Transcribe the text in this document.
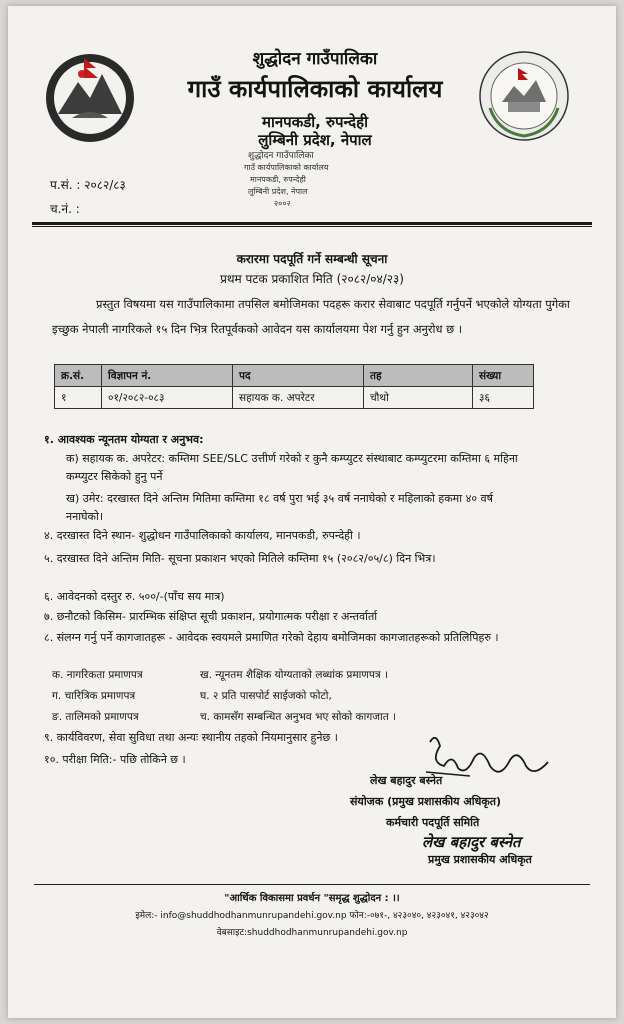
शुद्धोदन गाउँपालिका
गाउँ कार्यपालिकाको कार्यालय
मानपकडी, रुपन्देही
लुम्बिनी प्रदेश, नेपाल
शुद्धोदन गाउँपालिका
गाउँ कार्यपालिकाको कार्यालय
मानपकडी, रुपन्देही
लुम्बिनी प्रदेश, नेपाल
२००२
प.सं. : २०८२/८३
च.नं. :
करारमा पदपूर्ति गर्ने सम्बन्धी सूचना
प्रथम पटक प्रकाशित मिति (२०८२/०४/२३)
प्रस्तुत विषयमा यस गाउँपालिकामा तपसिल बमोजिमका पदहरू करार सेवाबाट पदपूर्ति गर्नुपर्ने भएकोले योग्यता पुगेका इच्छुक नेपाली नागरिकले १५ दिन भित्र रितपूर्वकको आवेदन यस कार्यालयमा पेश गर्नु हुन अनुरोध छ ।
क्र.सं.	विज्ञापन नं.	पद	तह	संख्या
१	०१/२०८२-०८३	सहायक क. अपरेटर	चौथो	३६
१. आवश्यक न्यूनतम योग्यता र अनुभव:
क) सहायक क. अपरेटर: कम्तिमा SEE/SLC उत्तीर्ण गरेको र कुनै कम्प्युटर संस्थाबाट कम्प्युटरमा कम्तिमा ६ महिना कम्प्युटर सिकेको हुनु पर्ने
ख) उमेर: दरखास्त दिने अन्तिम मितिमा कम्तिमा १८ वर्ष पुरा भई ३५ वर्ष ननाघेको र महिलाको हकमा ४० वर्ष ननाघेको।
४. दरखास्त दिने स्थान- शुद्धोधन गाउँपालिकाको कार्यालय, मानपकडी, रुपन्देही ।
५. दरखास्त दिने अन्तिम मिति- सूचना प्रकाशन भएको मितिले कम्तिमा १५ (२०८२/०५/८) दिन भित्र।
६. आवेदनको दस्तुर रु. ५००/-(पाँच सय मात्र)
७. छनौटको किसिम- प्रारम्भिक संक्षिप्त सूची प्रकाशन, प्रयोगात्मक परीक्षा र अन्तर्वार्ता
८. संलग्न गर्नु पर्ने कागजातहरू - आवेदक स्वयमले प्रमाणित गरेको देहाय बमोजिमका कागजातहरूको प्रतिलिपिहरु ।
क. नागरिकता प्रमाणपत्र	ख. न्यूनतम शैक्षिक योग्यताको लब्धांक प्रमाणपत्र ।
ग. चारित्रिक प्रमाणपत्र	घ. २ प्रति पासपोर्ट साईजको फोटो,
ङ. तालिमको प्रमाणपत्र	च. कामसँग सम्बन्धित अनुभव भए सोको कागजात ।
९. कार्यविवरण, सेवा सुविधा तथा अन्यः स्थानीय तहको नियमानुसार हुनेछ ।
१०. परीक्षा मिति:- पछि तोकिने छ ।
लेख बहादुर बस्नेत
संयोजक (प्रमुख प्रशासकीय अधिकृत)
कर्मचारी पदपूर्ति समिति
लेख बहादुर बस्नेत
प्रमुख प्रशासकीय अधिकृत
"आर्थिक विकासमा प्रवर्धन "समृद्ध शुद्धोदन : ।।
इमेल:- info@shuddhodhanmunrupandehi.gov.np फोन:-०७१-, ४२३०४०, ४२३०४१, ४२३०४२
वेबसाइट:shuddhodhanmunrupandehi.gov.np
